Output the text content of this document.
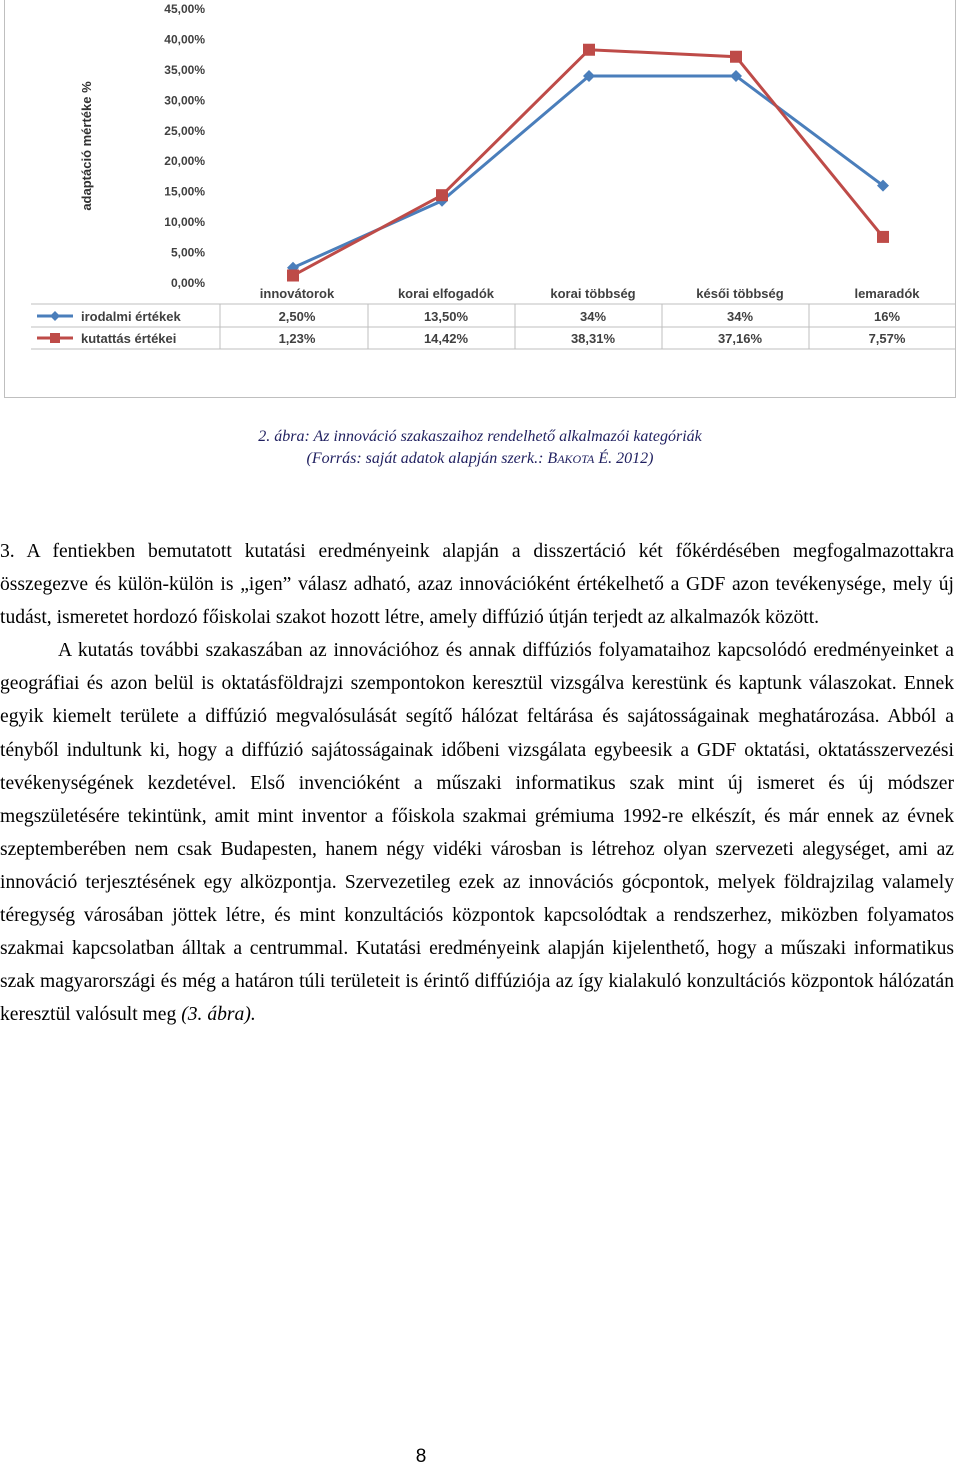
adaptáció mértéke %
0,00%
5,00%
10,00%
15,00%
20,00%
25,00%
30,00%
35,00%
40,00%
45,00%
innovátorok	korai elfogadók	korai többség	késői többség	lemaradók
irodalmi értékek	2,50%	13,50%	34%	34%	16%
kutattás értékei	1,23%	14,42%	38,31%	37,16%	7,57%
2. ábra: Az innováció szakaszaihoz rendelhető alkalmazói kategóriák
(Forrás: saját adatok alapján szerk.: BAKOTA É. 2012)

3. A fentiekben bemutatott kutatási eredményeink alapján a disszertáció két főkérdésében megfogalmazottakra összegezve és külön-külön is „igen” válasz adható, azaz innovációként értékelhető a GDF azon tevékenysége, mely új tudást, ismeretet hordozó főiskolai szakot hozott létre, amely diffúzió útján terjedt az alkalmazók között.

A kutatás további szakaszában az innovációhoz és annak diffúziós folyamataihoz kapcsolódó eredményeinket a geográfiai és azon belül is oktatásföldrajzi szempontokon keresztül vizsgálva kerestünk és kaptunk válaszokat. Ennek egyik kiemelt területe a diffúzió megvalósulását segítő hálózat feltárása és sajátosságainak meghatározása. Abból a tényből indultunk ki, hogy a diffúzió sajátosságainak időbeni vizsgálata egybeesik a GDF oktatási, oktatásszervezési tevékenységének kezdetével. Első invencióként a műszaki informatikus szak mint új ismeret és új módszer megszületésére tekintünk, amit mint inventor a főiskola szakmai grémiuma 1992-re elkészít, és már ennek az évnek szeptemberében nem csak Budapesten, hanem négy vidéki városban is létrehoz olyan szervezeti alegységet, ami az innováció terjesztésének egy alközpontja. Szervezetileg ezek az innovációs gócpontok, melyek földrajzilag valamely téregység városában jöttek létre, és mint konzultációs központok kapcsolódtak a rendszerhez, miközben folyamatos szakmai kapcsolatban álltak a centrummal. Kutatási eredményeink alapján kijelenthető, hogy a műszaki informatikus szak magyarországi és még a határon túli területeit is érintő diffúziója az így kialakuló konzultációs központok hálózatán keresztül valósult meg (3. ábra).

8
